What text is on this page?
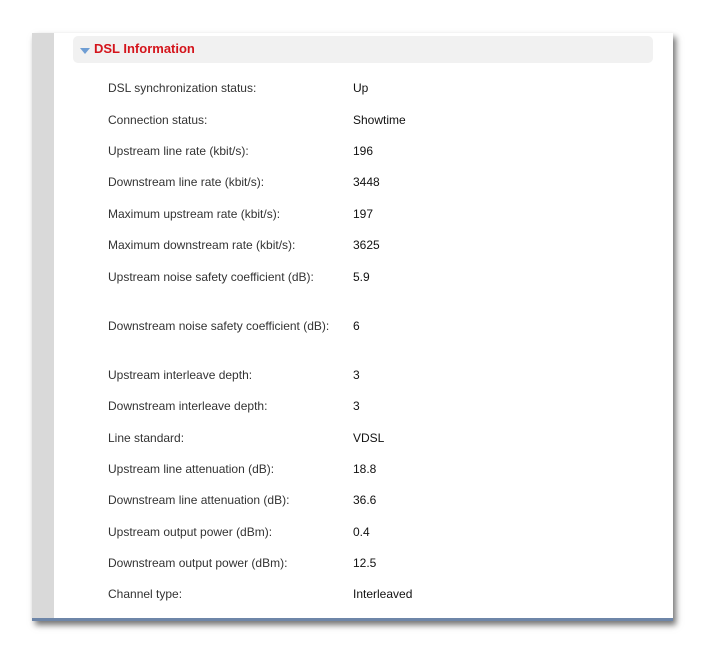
DSL Information
DSL synchronization status:	Up
Connection status:	Showtime
Upstream line rate (kbit/s):	196
Downstream line rate (kbit/s):	3448
Maximum upstream rate (kbit/s):	197
Maximum downstream rate (kbit/s):	3625
Upstream noise safety coefficient (dB):	5.9
Downstream noise safety coefficient (dB): 6
Upstream interleave depth:	3
Downstream interleave depth:	3
Line standard:	VDSL
Upstream line attenuation (dB):	18.8
Downstream line attenuation (dB):	36.6
Upstream output power (dBm):	0.4
Downstream output power (dBm):	12.5
Channel type:	Interleaved
